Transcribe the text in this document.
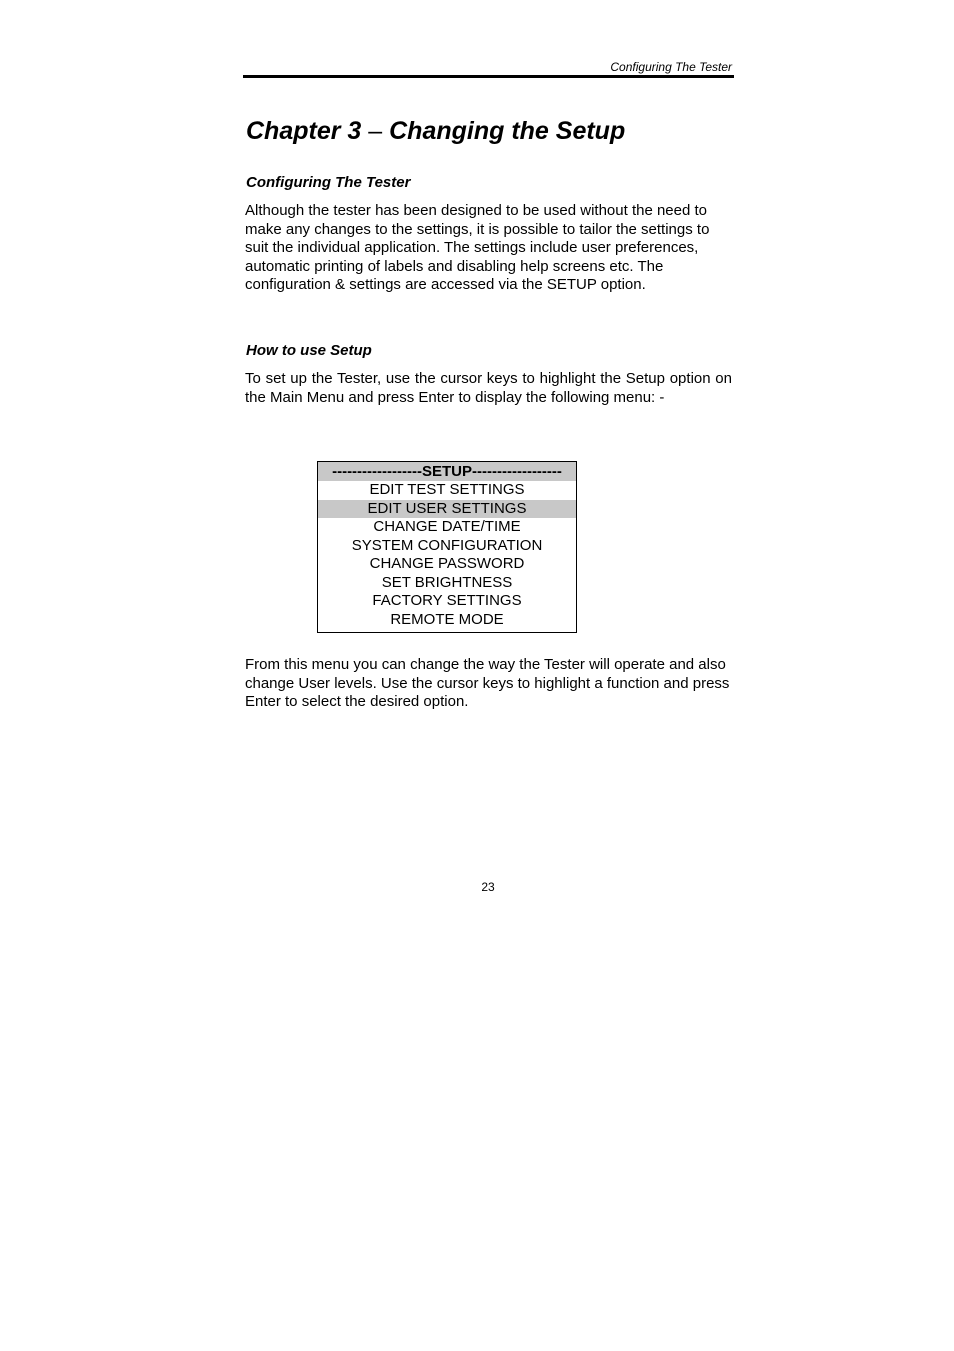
Configuring The Tester
Chapter 3 – Changing the Setup
Configuring The Tester

Although the tester has been designed to be used without the need to make any changes to the settings, it is possible to tailor the settings to suit the individual application. The settings include user preferences, automatic printing of labels and disabling help screens etc. The configuration & settings are accessed via the SETUP option.

How to use Setup

To set up the Tester, use the cursor keys to highlight the Setup option on the Main Menu and press Enter to display the following menu: -

------------------SETUP------------------
EDIT TEST SETTINGS
EDIT USER SETTINGS
CHANGE DATE/TIME
SYSTEM CONFIGURATION
CHANGE PASSWORD
SET BRIGHTNESS
FACTORY SETTINGS
REMOTE MODE

From this menu you can change the way the Tester will operate and also change User levels. Use the cursor keys to highlight a function and press Enter to select the desired option.

23
